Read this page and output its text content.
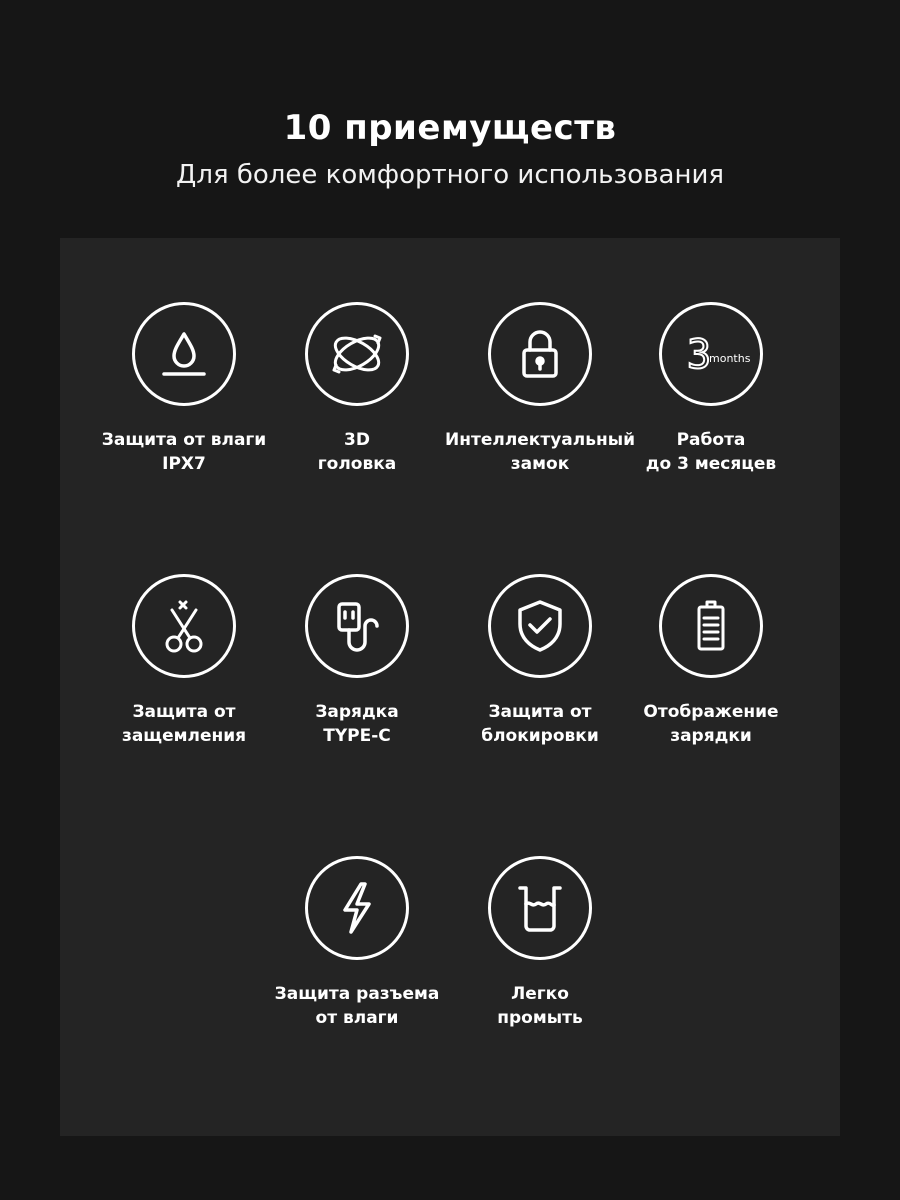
10 приемуществ
Для более комфортного использования
Защита от влаги
IPX7
3D
головка
Интеллектуальный
замок
3
months
Работа
до 3 месяцев
Защита от
защемления
Зарядка
TYPE-C
Защита от
блокировки
Отображение
зарядки
Защита разъема
от влаги
Легко
промыть
